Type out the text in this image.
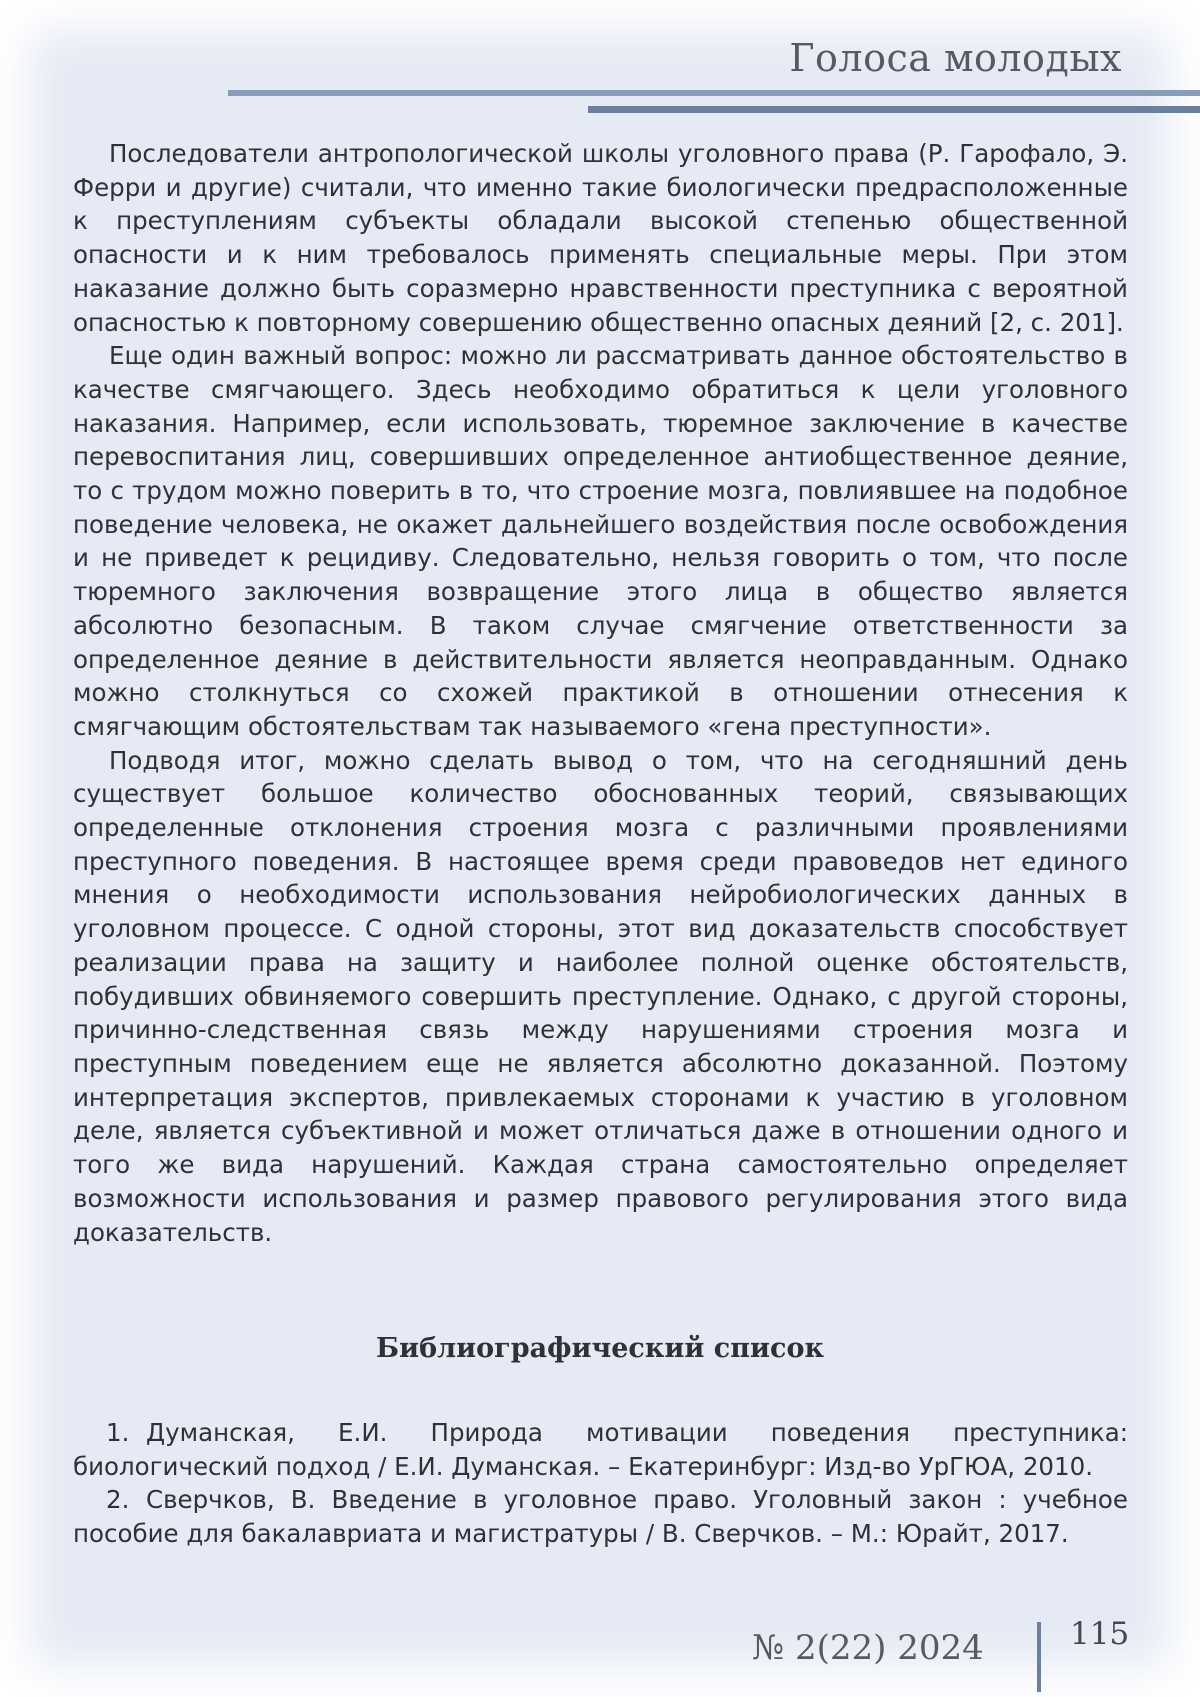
Голоса молодых

Последователи антропологической школы уголовного права (Р. Гарофало, Э. Ферри и другие) считали, что именно такие биологически предрасположенные к преступлениям субъекты обладали высокой степенью общественной опасности и к ним требовалось применять специальные меры. При этом наказание должно быть соразмерно нравственности преступника с вероятной опасностью к повторному совершению общественно опасных деяний [2, с. 201].

Еще один важный вопрос: можно ли рассматривать данное обстоятельство в качестве смягчающего. Здесь необходимо обратиться к цели уголовного наказания. Например, если использовать, тюремное заключение в качестве перевоспитания лиц, совершивших определенное антиобщественное деяние, то с трудом можно поверить в то, что строение мозга, повлиявшее на подобное поведение человека, не окажет дальнейшего воздействия после освобождения и не приведет к рецидиву. Следовательно, нельзя говорить о том, что после тюремного заключения возвращение этого лица в общество является абсолютно безопасным. В таком случае смягчение ответственности за определенное деяние в действительности является неоправданным. Однако можно столкнуться со схожей практикой в отношении отнесения к смягчающим обстоятельствам так называемого «гена преступности».

Подводя итог, можно сделать вывод о том, что на сегодняшний день существует большое количество обоснованных теорий, связывающих определенные отклонения строения мозга с различными проявлениями преступного поведения. В настоящее время среди правоведов нет единого мнения о необходимости использования нейробиологических данных в уголовном процессе. С одной стороны, этот вид доказательств способствует реализации права на защиту и наиболее полной оценке обстоятельств, побудивших обвиняемого совершить преступление. Однако, с другой стороны, причинно-следственная связь между нарушениями строения мозга и преступным поведением еще не является абсолютно доказанной. Поэтому интерпретация экспертов, привлекаемых сторонами к участию в уголовном деле, является субъективной и может отличаться даже в отношении одного и того же вида нарушений. Каждая страна самостоятельно определяет возможности использования и размер правового регулирования этого вида доказательств.

Библиографический список

1. Думанская, Е.И. Природа мотивации поведения преступника: биологический подход / Е.И. Думанская. – Екатеринбург: Изд-во УрГЮА, 2010.

2. Сверчков, В. Введение в уголовное право. Уголовный закон : учебное пособие для бакалавриата и магистратуры / В. Сверчков. – М.: Юрайт, 2017.

№ 2(22) 2024	115
